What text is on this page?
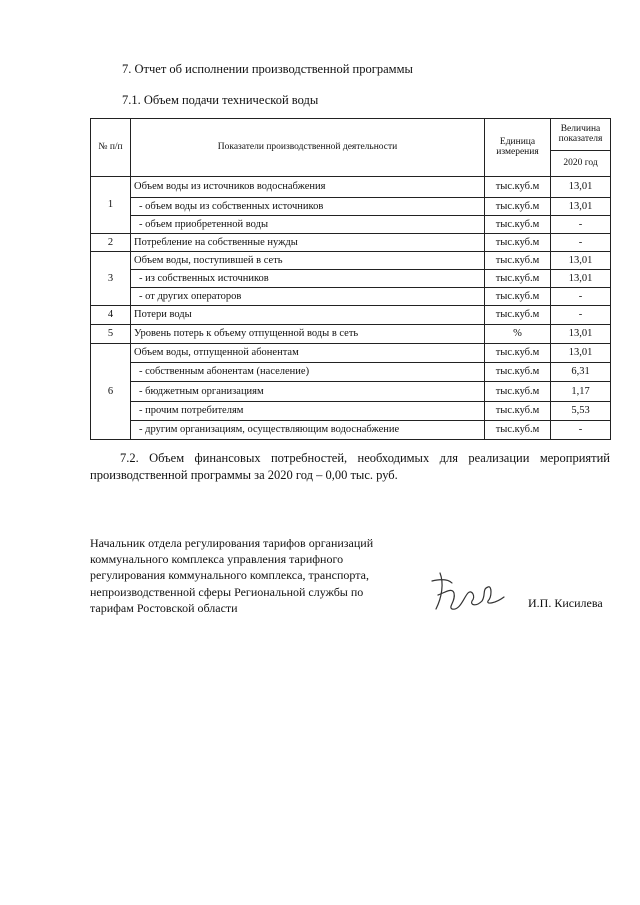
7. Отчет об исполнении производственной программы
7.1. Объем подачи технической воды
№ п/п	Показатели производственной деятельности	Единица измерения	Величина показателя
			2020 год
1	Объем воды из источников водоснабжения	тыс.куб.м	13,01
	- объем воды из собственных источников	тыс.куб.м	13,01
	- объем приобретенной воды	тыс.куб.м	-
2	Потребление на собственные нужды	тыс.куб.м	-
3	Объем воды, поступившей в сеть	тыс.куб.м	13,01
	- из собственных источников	тыс.куб.м	13,01
	- от других операторов	тыс.куб.м	-
4	Потери воды	тыс.куб.м	-
5	Уровень потерь к объему отпущенной воды в сеть	%	13,01
6	Объем воды, отпущенной абонентам	тыс.куб.м	13,01
	- собственным абонентам (население)	тыс.куб.м	6,31
	- бюджетным организациям	тыс.куб.м	1,17
	- прочим потребителям	тыс.куб.м	5,53
	- другим организациям, осуществляющим водоснабжение	тыс.куб.м	-
7.2. Объем финансовых потребностей, необходимых для реализации мероприятий производственной программы за 2020 год – 0,00 тыс. руб.
Начальник отдела регулирования тарифов организаций коммунального комплекса управления тарифного регулирования коммунального комплекса, транспорта, непроизводственной сферы Региональной службы по тарифам Ростовской области	И.П. Кисилева
